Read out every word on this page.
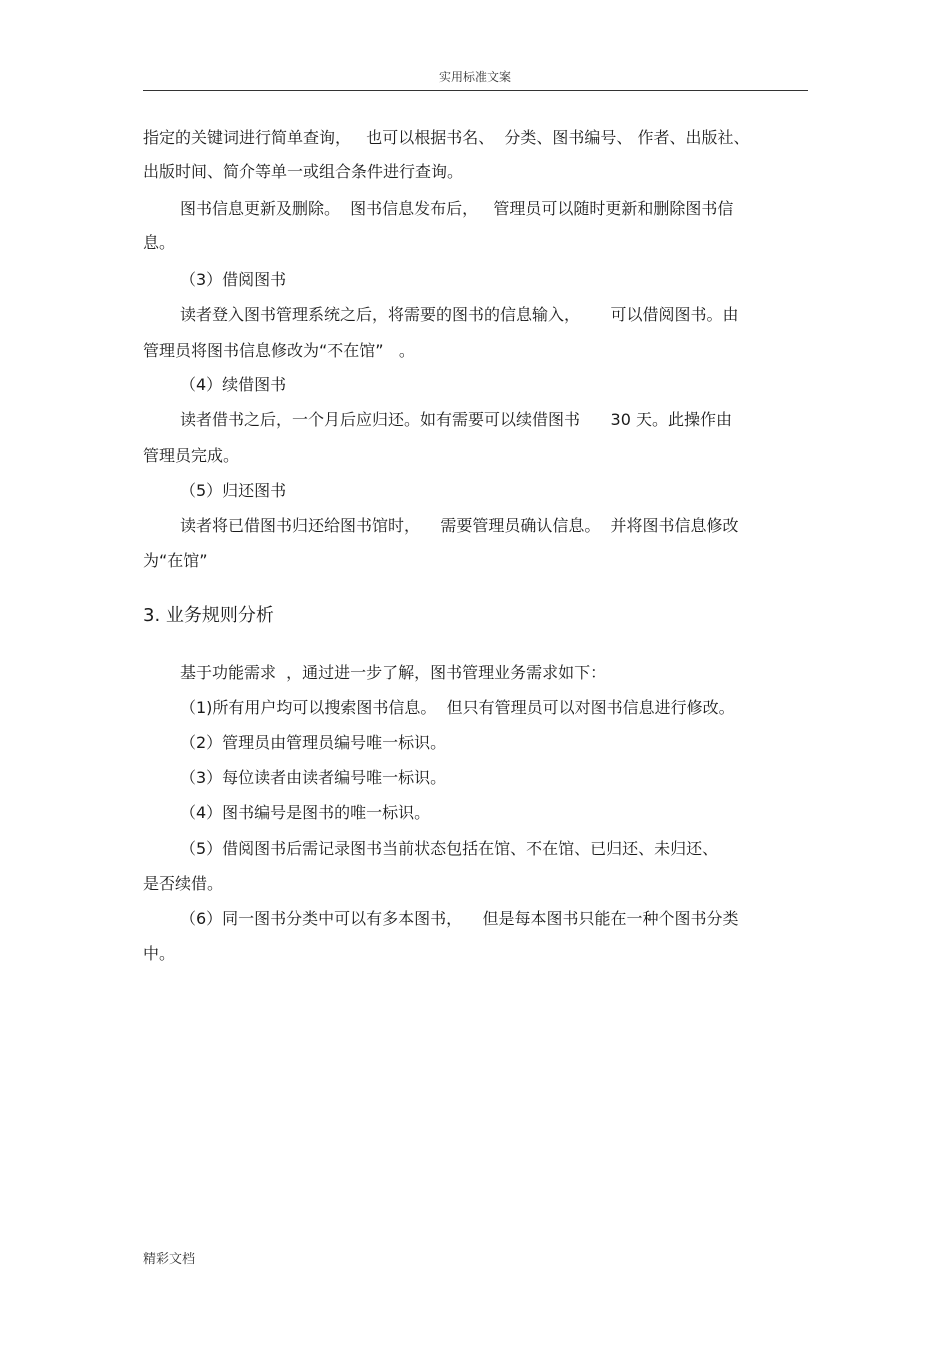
实用标准文案
指定的关键词进行简单查询，   也可以根据书名、  分类、图书编号、 作者、出版社、
出版时间、简介等单一或组合条件进行查询。
图书信息更新及删除。  图书信息发布后，   管理员可以随时更新和删除图书信
息。
（3）借阅图书
读者登入图书管理系统之后，将需要的图书的信息输入，      可以借阅图书。由
管理员将图书信息修改为“不在馆”   。
（4）续借图书
读者借书之后，一个月后应归还。如有需要可以续借图书      30 天。此操作由
管理员完成。
（5）归还图书
读者将已借图书归还给图书馆时，    需要管理员确认信息。  并将图书信息修改
为“在馆”
3. 业务规则分析
基于功能需求  ，通过进一步了解，图书管理业务需求如下：
（1)所有用户均可以搜索图书信息。  但只有管理员可以对图书信息进行修改。
（2）管理员由管理员编号唯一标识。
（3）每位读者由读者编号唯一标识。
（4）图书编号是图书的唯一标识。
（5）借阅图书后需记录图书当前状态包括在馆、不在馆、已归还、未归还、
是否续借。
（6）同一图书分类中可以有多本图书，    但是每本图书只能在一种个图书分类
中。
精彩文档
